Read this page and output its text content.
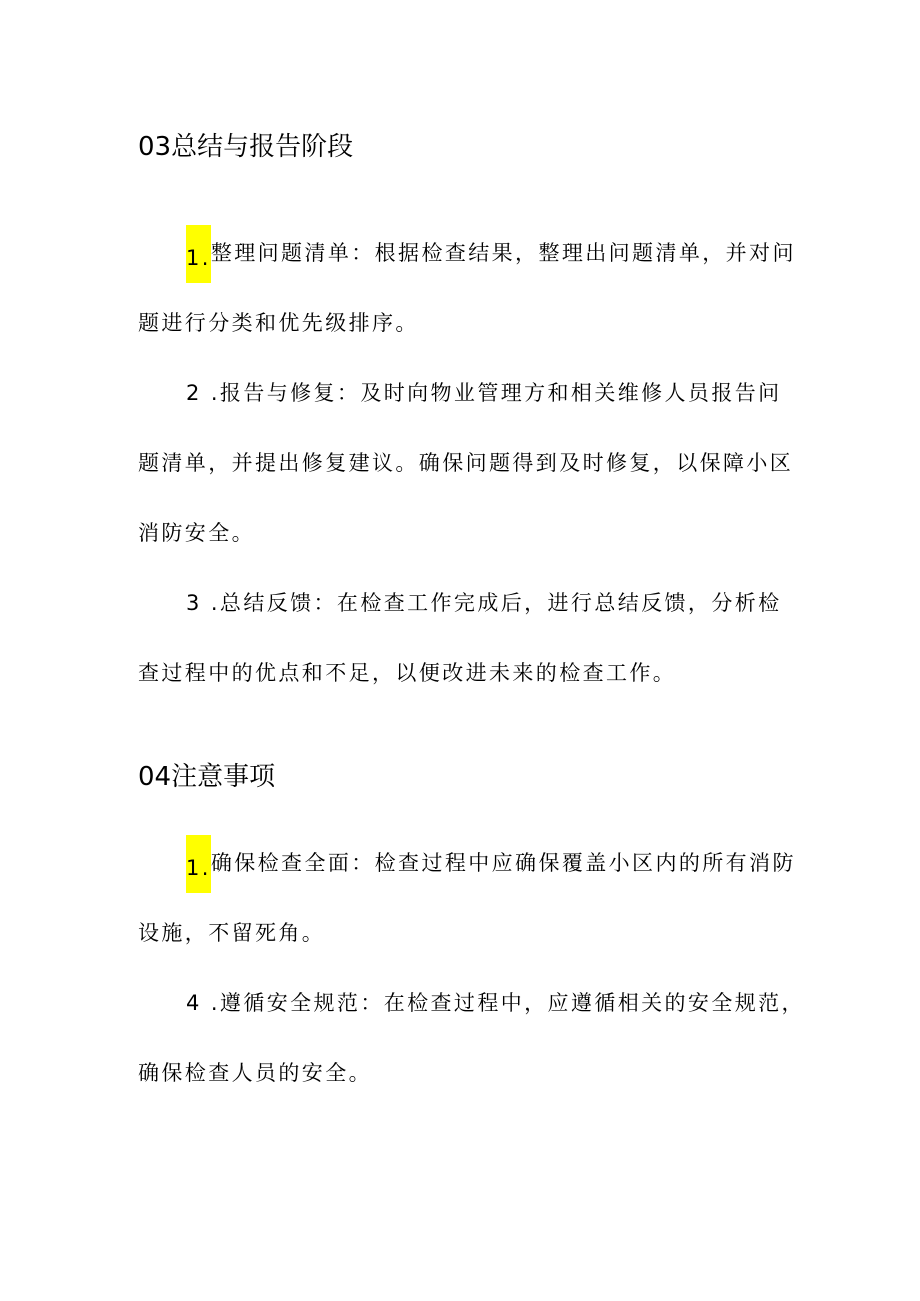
03总结与报告阶段
1.整理问题清单：根据检查结果，整理出问题清单，并对问
题进行分类和优先级排序。
2 .报告与修复：及时向物业管理方和相关维修人员报告问
题清单，并提出修复建议。确保问题得到及时修复，以保障小区
消防安全。
3 .总结反馈：在检查工作完成后，进行总结反馈，分析检
查过程中的优点和不足，以便改进未来的检查工作。
04注意事项
1.确保检查全面：检查过程中应确保覆盖小区内的所有消防
设施，不留死角。
4 .遵循安全规范：在检查过程中，应遵循相关的安全规范，
确保检查人员的安全。
